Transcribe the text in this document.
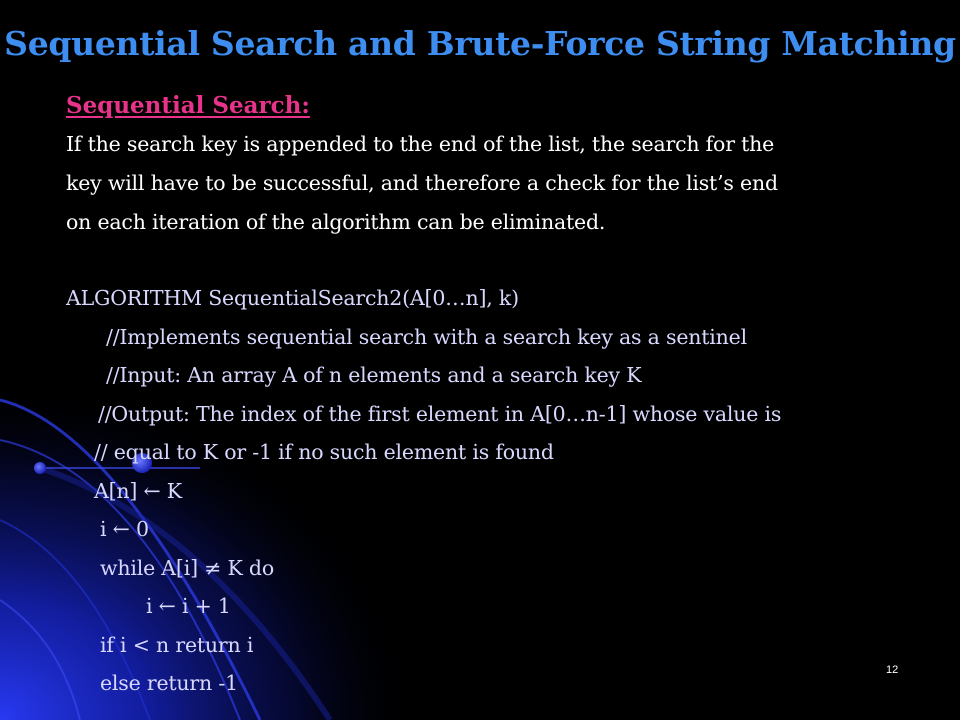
Sequential Search and Brute-Force String Matching
Sequential Search:
If the search key is appended to the end of the list, the search for the
key will have to be successful, and therefore a check for the list’s end
on each iteration of the algorithm can be eliminated.
ALGORITHM SequentialSearch2(A[0…n], k)
//Implements sequential search with a search key as a sentinel
//Input: An array A of n elements and a search key K
//Output: The index of the first element in A[0…n-1] whose value is
// equal to K or -1 if no such element is found
A[n] ← K
i ← 0
while A[i] ≠ K do
i ← i + 1
if i < n return i
else return -1
12
